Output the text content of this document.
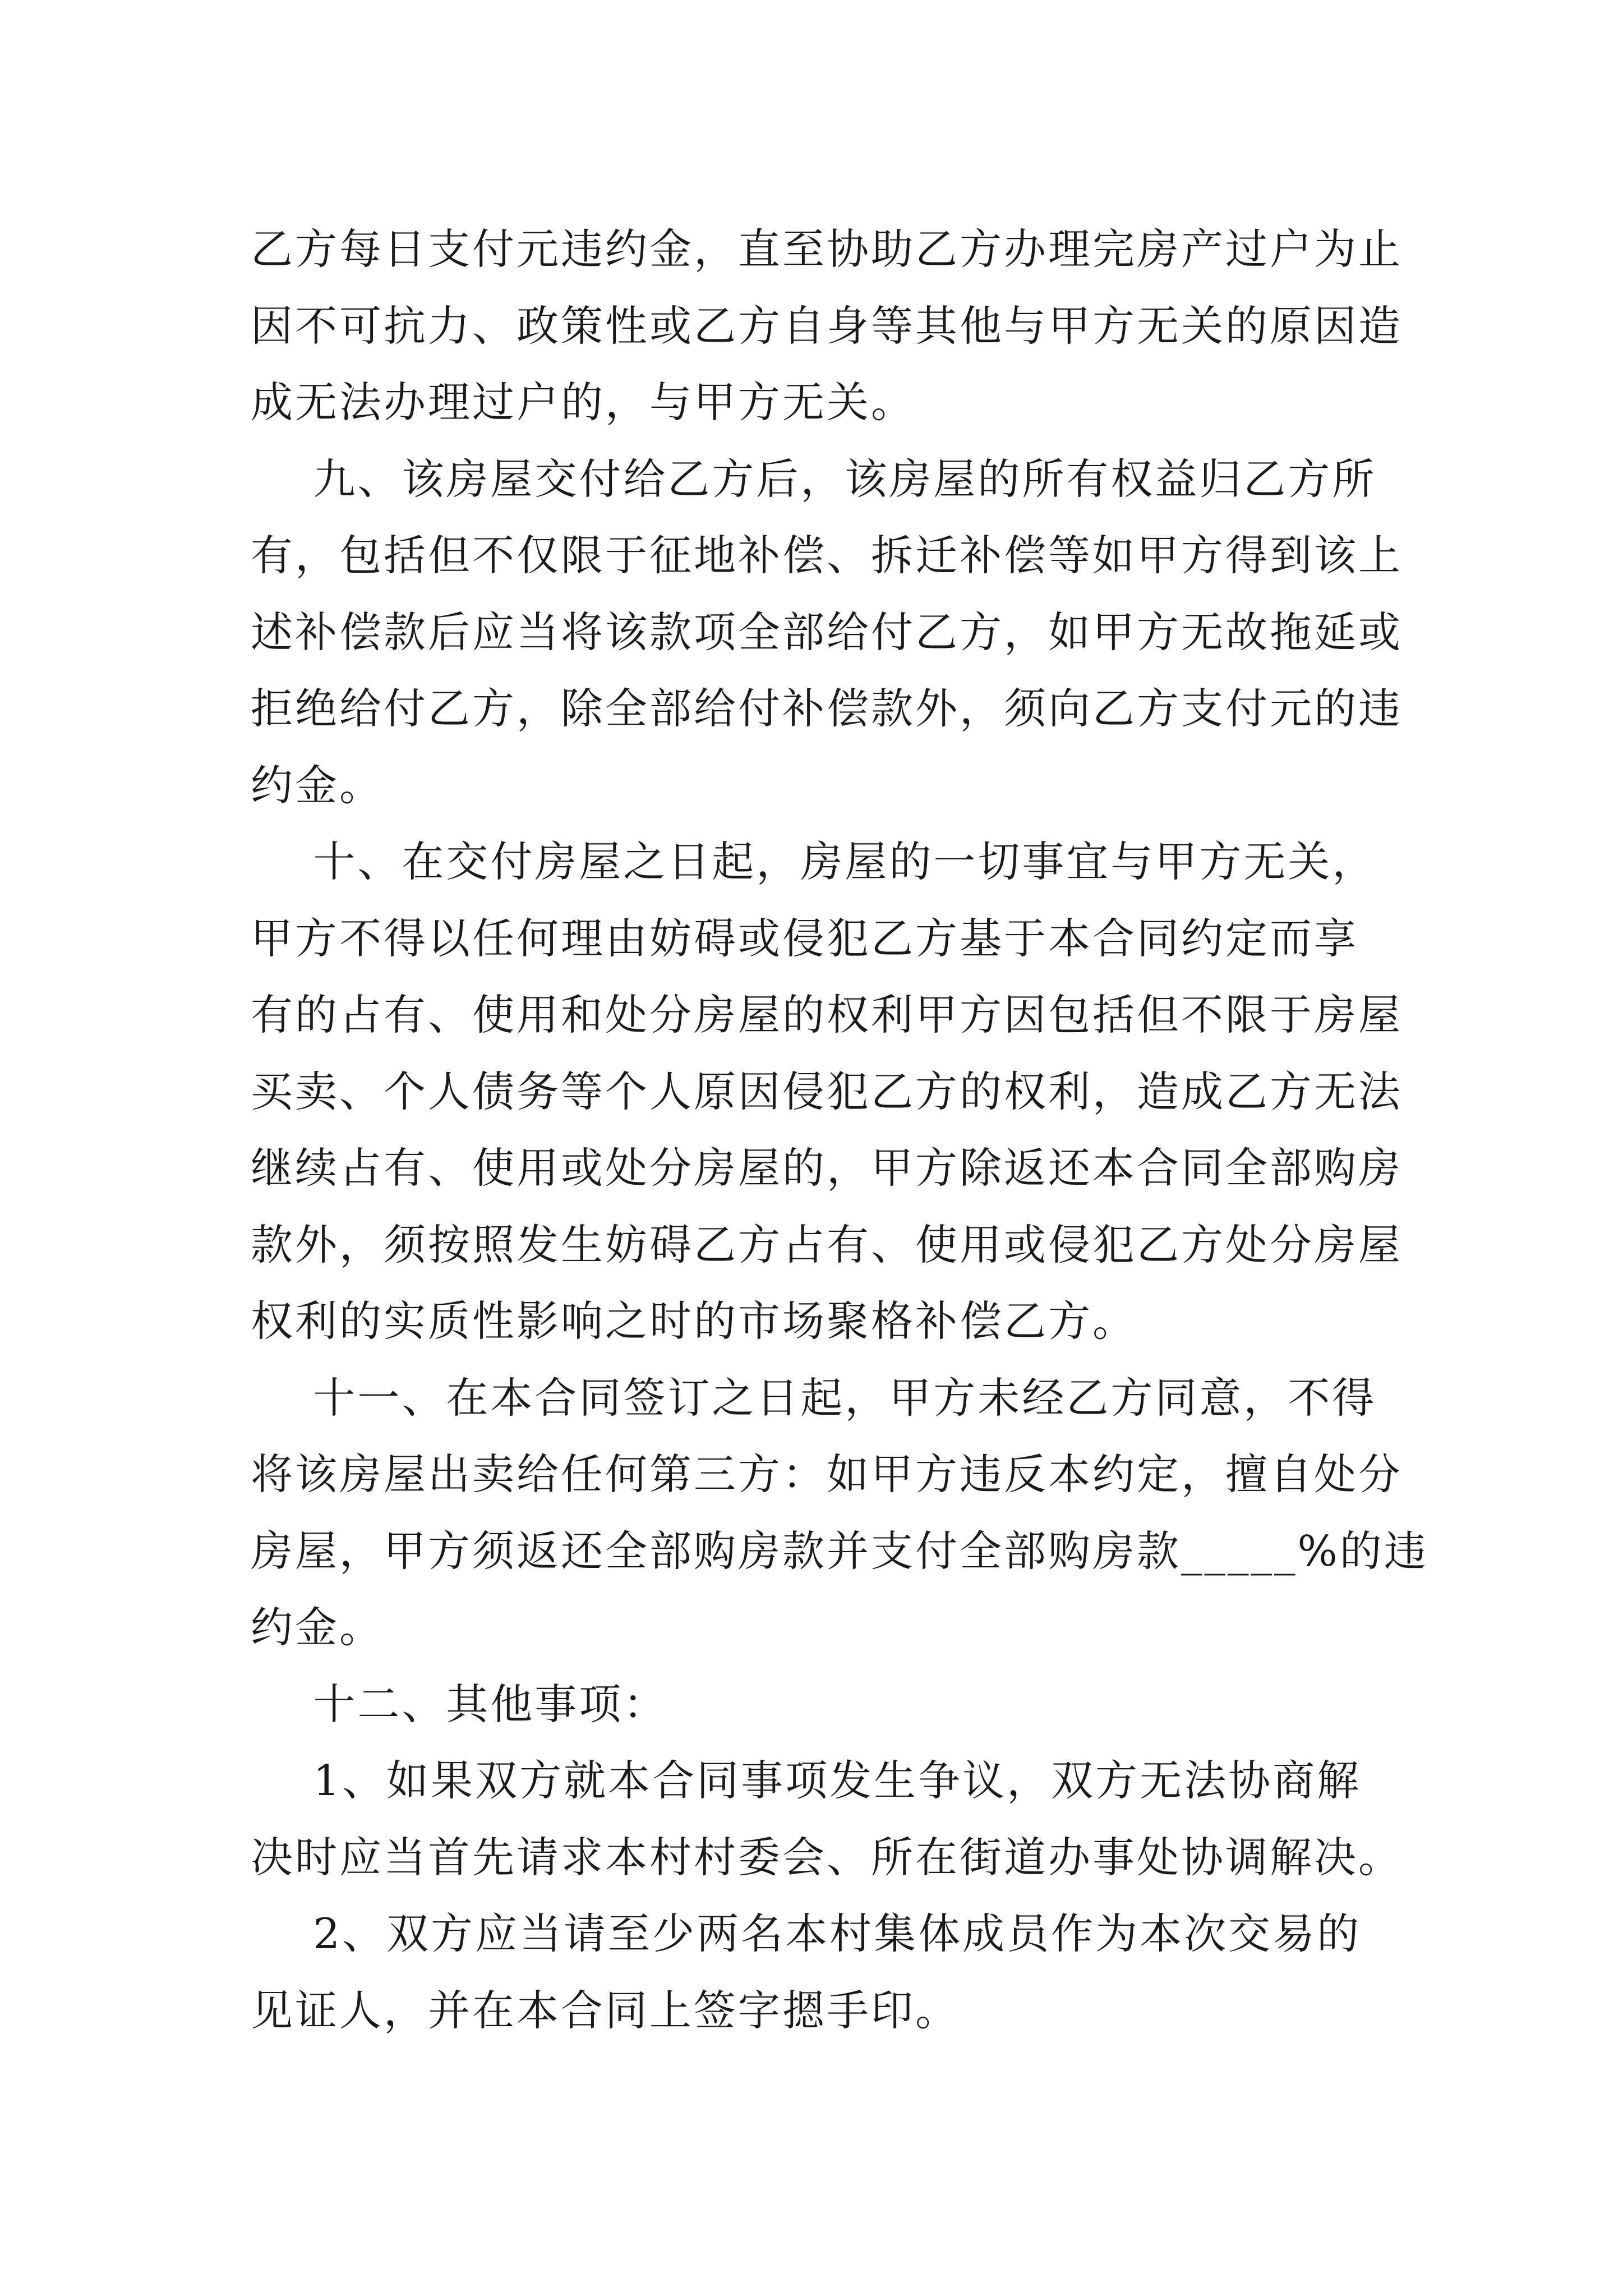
乙方每日支付元违约金，直至协助乙方办理完房产过户为止
因不可抗力、政策性或乙方自身等其他与甲方无关的原因造
成无法办理过户的，与甲方无关。
九、该房屋交付给乙方后，该房屋的所有权益归乙方所
有，包括但不仅限于征地补偿、拆迁补偿等如甲方得到该上
述补偿款后应当将该款项全部给付乙方，如甲方无故拖延或
拒绝给付乙方，除全部给付补偿款外，须向乙方支付元的违
约金。
十、在交付房屋之日起，房屋的一切事宜与甲方无关，
甲方不得以任何理由妨碍或侵犯乙方基于本合同约定而享
有的占有、使用和处分房屋的权利甲方因包括但不限于房屋
买卖、个人债务等个人原因侵犯乙方的权利，造成乙方无法
继续占有、使用或处分房屋的，甲方除返还本合同全部购房
款外，须按照发生妨碍乙方占有、使用或侵犯乙方处分房屋
权利的实质性影响之时的市场聚格补偿乙方。
十一、在本合同签订之日起，甲方未经乙方同意，不得
将该房屋出卖给任何第三方：如甲方违反本约定，擅自处分
房屋，甲方须返还全部购房款并支付全部购房款_____%的违
约金。
十二、其他事项：
1、如果双方就本合同事项发生争议，双方无法协商解
决时应当首先请求本村村委会、所在街道办事处协调解决。
2、双方应当请至少两名本村集体成员作为本次交易的
见证人，并在本合同上签字摁手印。
